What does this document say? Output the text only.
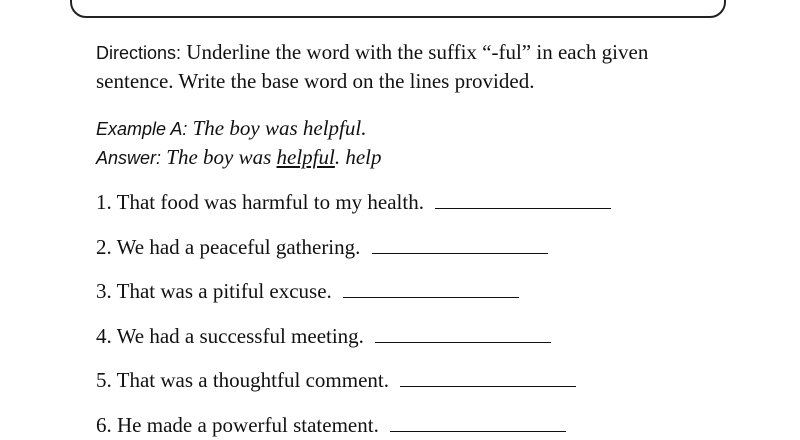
Directions: Underline the word with the suffix “-ful” in each given sentence. Write the base word on the lines provided.
Example A: The boy was helpful.
Answer: The boy was helpful. help
1. That food was harmful to my health.
2. We had a peaceful gathering.
3. That was a pitiful excuse.
4. We had a successful meeting.
5. That was a thoughtful comment.
6. He made a powerful statement.
